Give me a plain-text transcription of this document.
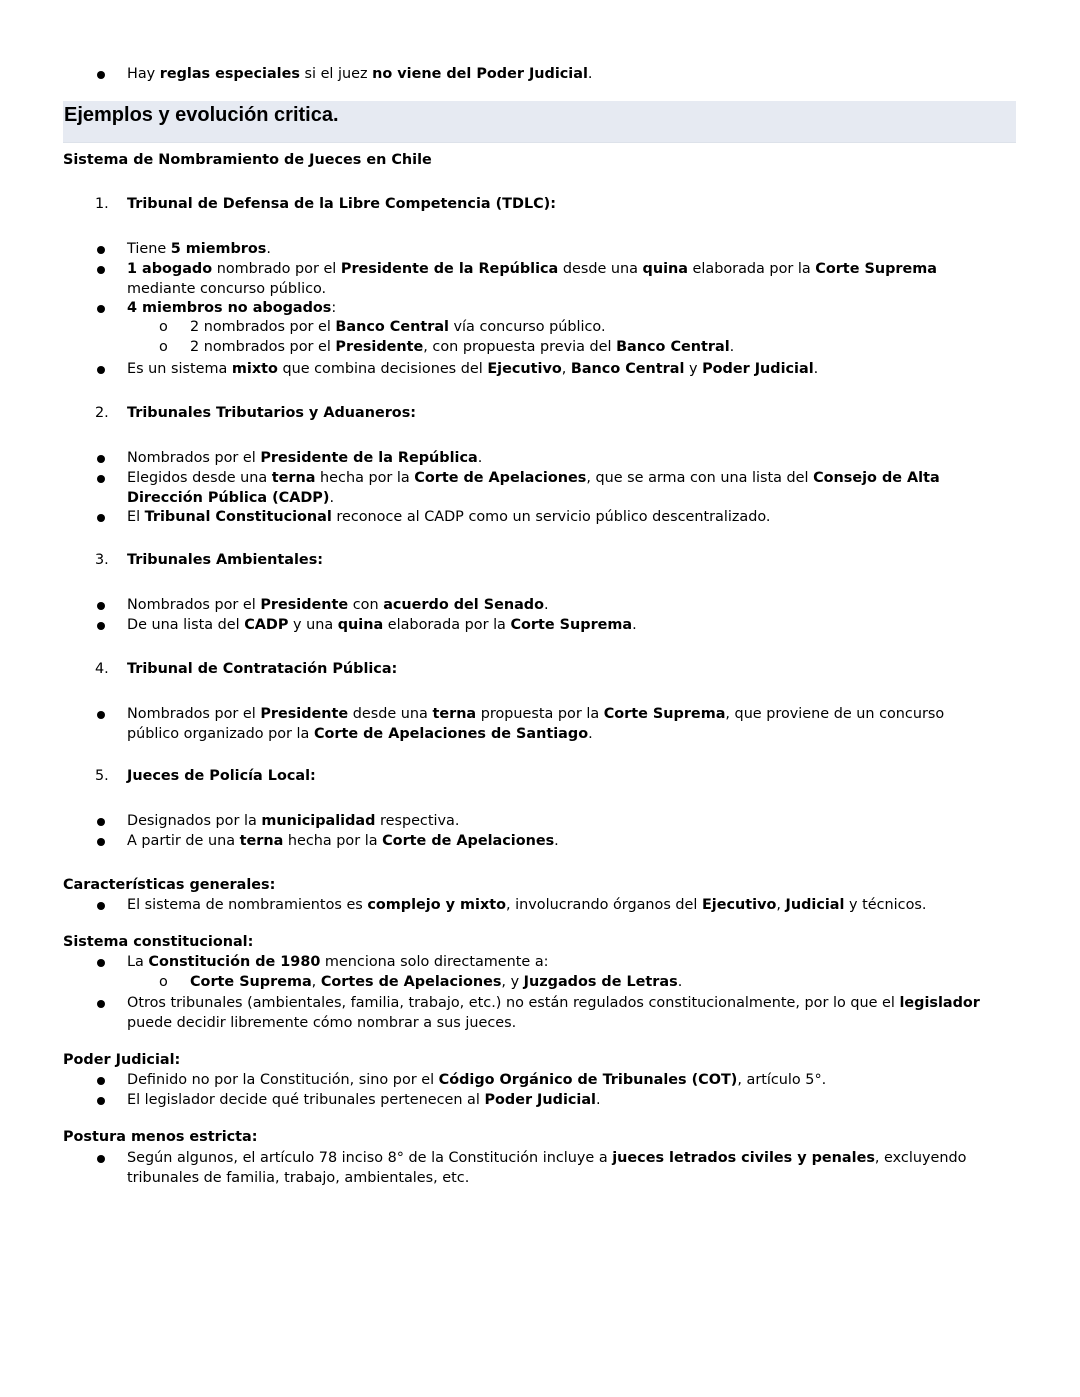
Hay reglas especiales si el juez no viene del Poder Judicial.
Ejemplos y evolución critica.
Sistema de Nombramiento de Jueces en Chile
1. Tribunal de Defensa de la Libre Competencia (TDLC):
Tiene 5 miembros.
1 abogado nombrado por el Presidente de la República desde una quina elaborada por la Corte Suprema mediante concurso público.
4 miembros no abogados:
o 2 nombrados por el Banco Central vía concurso público.
o 2 nombrados por el Presidente, con propuesta previa del Banco Central.
Es un sistema mixto que combina decisiones del Ejecutivo, Banco Central y Poder Judicial.
2. Tribunales Tributarios y Aduaneros:
Nombrados por el Presidente de la República.
Elegidos desde una terna hecha por la Corte de Apelaciones, que se arma con una lista del Consejo de Alta Dirección Pública (CADP).
El Tribunal Constitucional reconoce al CADP como un servicio público descentralizado.
3. Tribunales Ambientales:
Nombrados por el Presidente con acuerdo del Senado.
De una lista del CADP y una quina elaborada por la Corte Suprema.
4. Tribunal de Contratación Pública:
Nombrados por el Presidente desde una terna propuesta por la Corte Suprema, que proviene de un concurso público organizado por la Corte de Apelaciones de Santiago.
5. Jueces de Policía Local:
Designados por la municipalidad respectiva.
A partir de una terna hecha por la Corte de Apelaciones.
Características generales:
El sistema de nombramientos es complejo y mixto, involucrando órganos del Ejecutivo, Judicial y técnicos.
Sistema constitucional:
La Constitución de 1980 menciona solo directamente a:
o Corte Suprema, Cortes de Apelaciones, y Juzgados de Letras.
Otros tribunales (ambientales, familia, trabajo, etc.) no están regulados constitucionalmente, por lo que el legislador puede decidir libremente cómo nombrar a sus jueces.
Poder Judicial:
Definido no por la Constitución, sino por el Código Orgánico de Tribunales (COT), artículo 5°.
El legislador decide qué tribunales pertenecen al Poder Judicial.
Postura menos estricta:
Según algunos, el artículo 78 inciso 8° de la Constitución incluye a jueces letrados civiles y penales, excluyendo tribunales de familia, trabajo, ambientales, etc.
